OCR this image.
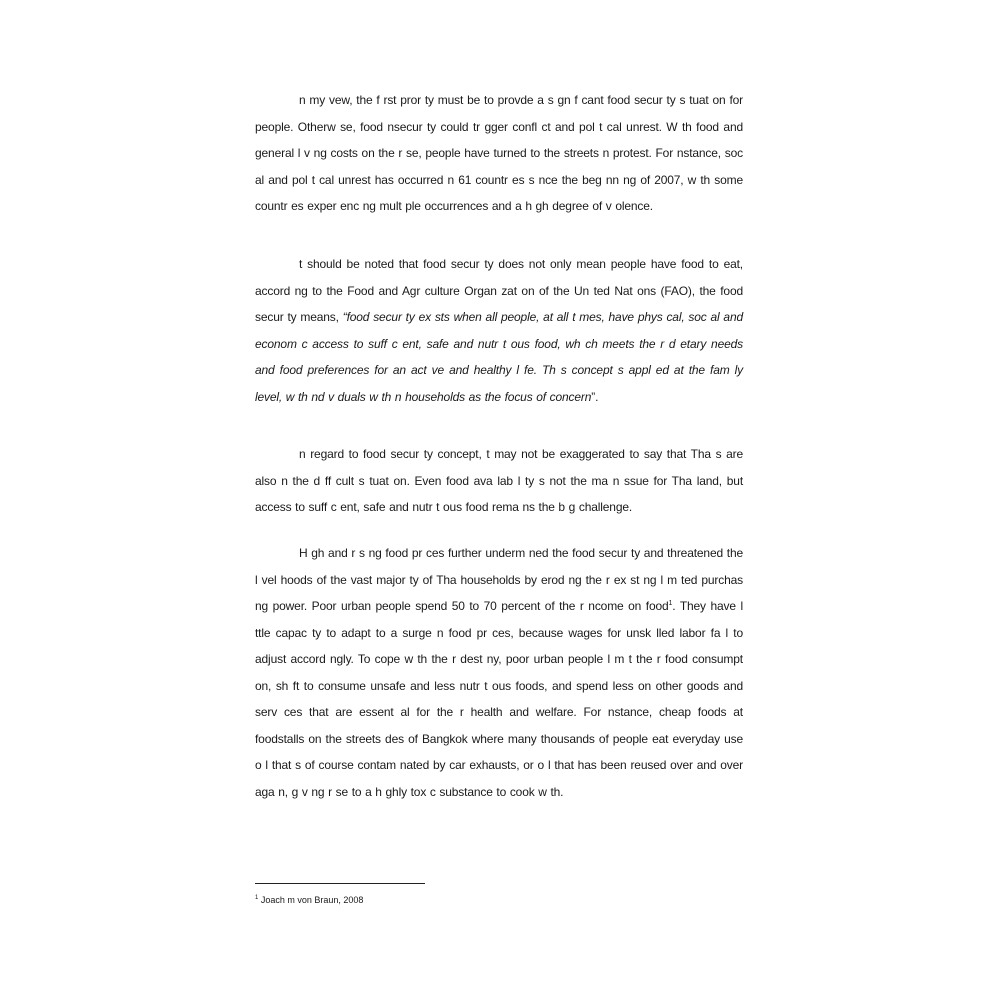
n my vew, the f rst pror ty must be to provde a s gn f cant food secur ty s tuat on for people. Otherw se, food nsecur ty could tr gger confl ct and pol t cal unrest. W th food and general l v ng costs on the r se, people have turned to the streets n protest. For nstance, soc al and pol t cal unrest has occurred n 61 countr es s nce the beg nn ng of 2007, w th some countr es exper enc ng mult ple occurrences and a h gh degree of v olence.

t should be noted that food secur ty does not only mean people have food to eat, accord ng to the Food and Agr culture Organ zat on of the Un ted Nat ons (FAO), the food secur ty means, “food secur ty ex sts when all people, at all t mes, have phys cal, soc al and econom c access to suff c ent, safe and nutr t ous food, wh ch meets the r d etary needs and food preferences for an act ve and healthy l fe. Th s concept s appl ed at the fam ly level, w th nd v duals w th n households as the focus of concern”.

n regard to food secur ty concept, t may not be exaggerated to say that Tha s are also n the d ff cult s tuat on. Even food ava lab l ty s not the ma n ssue for Tha land, but access to suff c ent, safe and nutr t ous food rema ns the b g challenge.

H gh and r s ng food pr ces further underm ned the food secur ty and threatened the l vel hoods of the vast major ty of Tha households by erod ng the r ex st ng l m ted purchas ng power. Poor urban people spend 50 to 70 percent of the r ncome on food$^1$. They have l ttle capac ty to adapt to a surge n food pr ces, because wages for unsk lled labor fa l to adjust accord ngly. To cope w th the r dest ny, poor urban people l m t the r food consumpt on, sh ft to consume unsafe and less nutr t ous foods, and spend less on other goods and serv ces that are essent al for the r health and welfare. For nstance, cheap foods at foodstalls on the streets des of Bangkok where many thousands of people eat everyday use o l that s of course contam nated by car exhausts, or o l that has been reused over and over aga n, g v ng r se to a h ghly tox c substance to cook w th.

$^1$ Joach m von Braun, 2008
